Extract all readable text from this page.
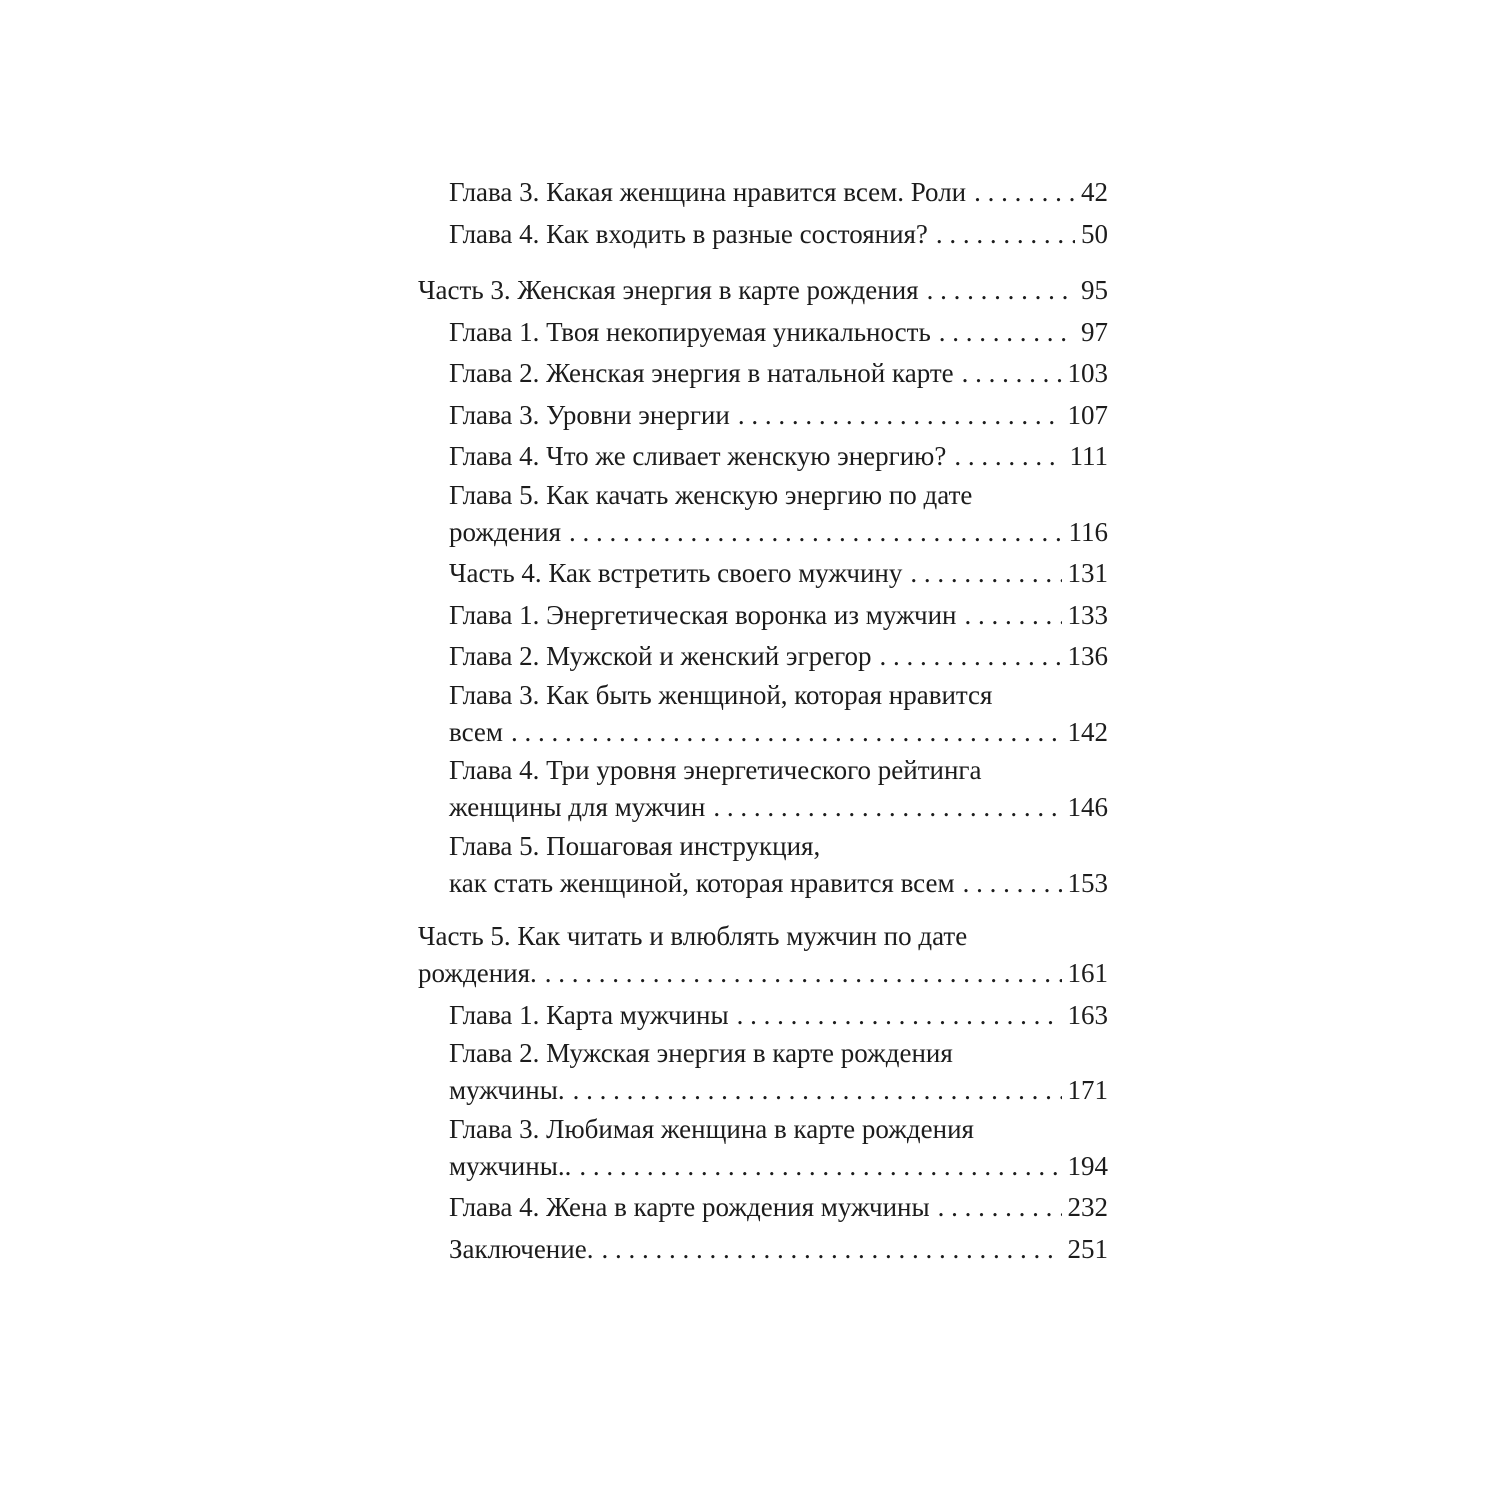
Глава 3. Какая женщина нравится всем. Роли . . .	42
Глава 4. Как входить в разные состояния? . . .	50
Часть 3. Женская энергия в карте рождения . . .	95
Глава 1. Твоя некопируемая уникальность . . .	97
Глава 2. Женская энергия в натальной карте . . .	103
Глава 3. Уровни энергии . . .	107
Глава 4. Что же сливает женскую энергию? . . .	111
Глава 5. Как качать женскую энергию по дате
рождения . . .	116
Часть 4. Как встретить своего мужчину . . .	131
Глава 1. Энергетическая воронка из мужчин . . .	133
Глава 2. Мужской и женский эгрегор . . .	136
Глава 3. Как быть женщиной, которая нравится
всем . . .	142
Глава 4. Три уровня энергетического рейтинга
женщины для мужчин . . .	146
Глава 5. Пошаговая инструкция,
как стать женщиной, которая нравится всем . . .	153
Часть 5. Как читать и влюблять мужчин по дате
рождения. . . .	161
Глава 1. Карта мужчины . . .	163
Глава 2. Мужская энергия в карте рождения
мужчины. . . .	171
Глава 3. Любимая женщина в карте рождения
мужчины.. . . .	194
Глава 4. Жена в карте рождения мужчины . . .	232
Заключение. . . .	251
